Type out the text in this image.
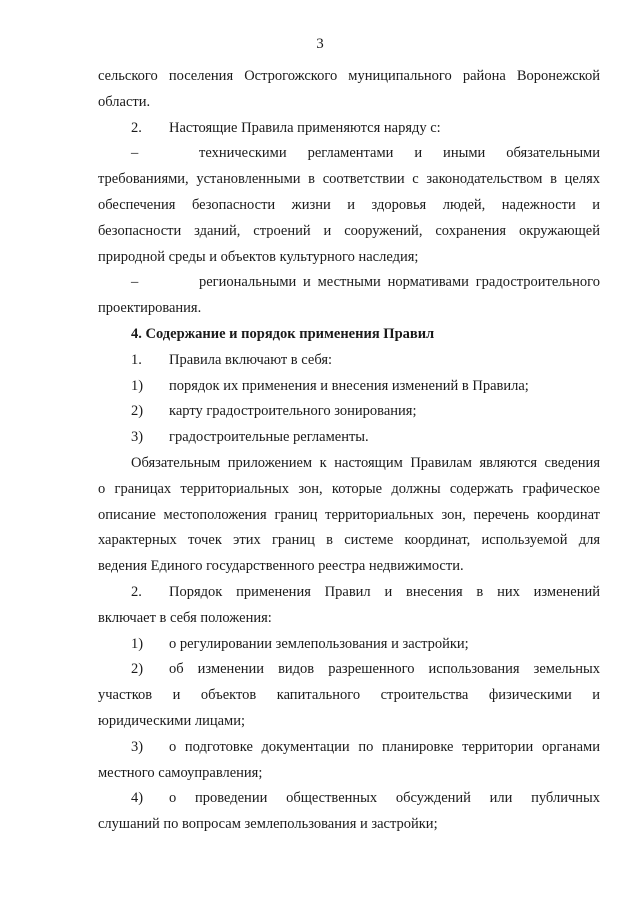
3
сельского поселения Острогожского муниципального района Воронежской
области.
2. Настоящие Правила применяются наряду с:
–	техническими регламентами и иными обязательными
требованиями, установленными в соответствии с законодательством в целях
обеспечения безопасности жизни и здоровья людей, надежности и
безопасности зданий, строений и сооружений, сохранения окружающей
природной среды и объектов культурного наследия;
–	региональными и местными нормативами градостроительного
проектирования.
4. Содержание и порядок применения Правил
1. Правила включают в себя:
1) порядок их применения и внесения изменений в Правила;
2) карту градостроительного зонирования;
3) градостроительные регламенты.
Обязательным приложением к настоящим Правилам являются сведения
о границах территориальных зон, которые должны содержать графическое
описание местоположения границ территориальных зон, перечень координат
характерных точек этих границ в системе координат, используемой для
ведения Единого государственного реестра недвижимости.
2. Порядок применения Правил и внесения в них изменений
включает в себя положения:
1) о регулировании землепользования и застройки;
2) об изменении видов разрешенного использования земельных
участков и объектов капитального строительства физическими и
юридическими лицами;
3) о подготовке документации по планировке территории органами
местного самоуправления;
4) о проведении общественных обсуждений или публичных
слушаний по вопросам землепользования и застройки;
